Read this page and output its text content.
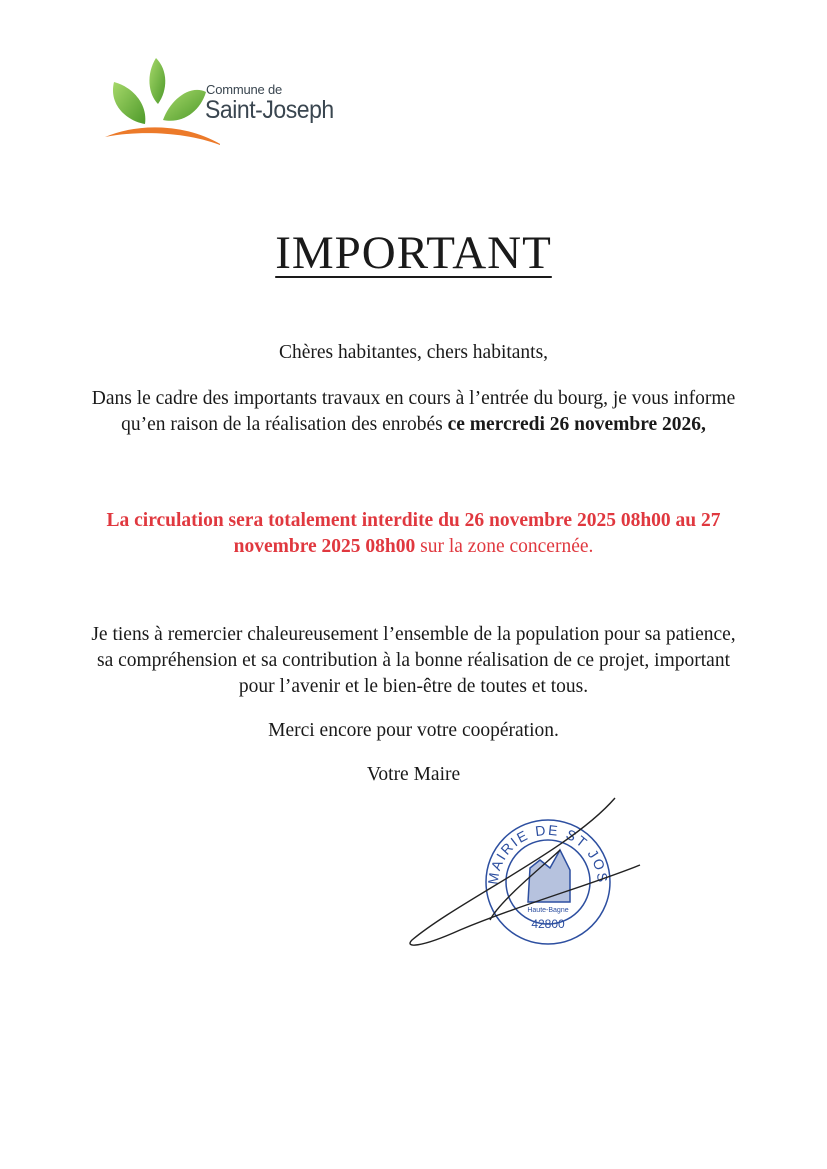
Commune de
Saint-Joseph
IMPORTANT
Chères habitantes, chers habitants,
Dans le cadre des importants travaux en cours à l’entrée du bourg, je vous informe qu’en raison de la réalisation des enrobés ce mercredi 26 novembre 2026,
La circulation sera totalement interdite du 26 novembre 2025 08h00 au 27 novembre 2025 08h00 sur la zone concernée.
Je tiens à remercier chaleureusement l’ensemble de la population pour sa patience, sa compréhension et sa contribution à la bonne réalisation de ce projet, important pour l’avenir et le bien-être de toutes et tous.
Merci encore pour votre coopération.
Votre Maire
MAIRIE DE ST JOS
42800
Haute-Bagne
